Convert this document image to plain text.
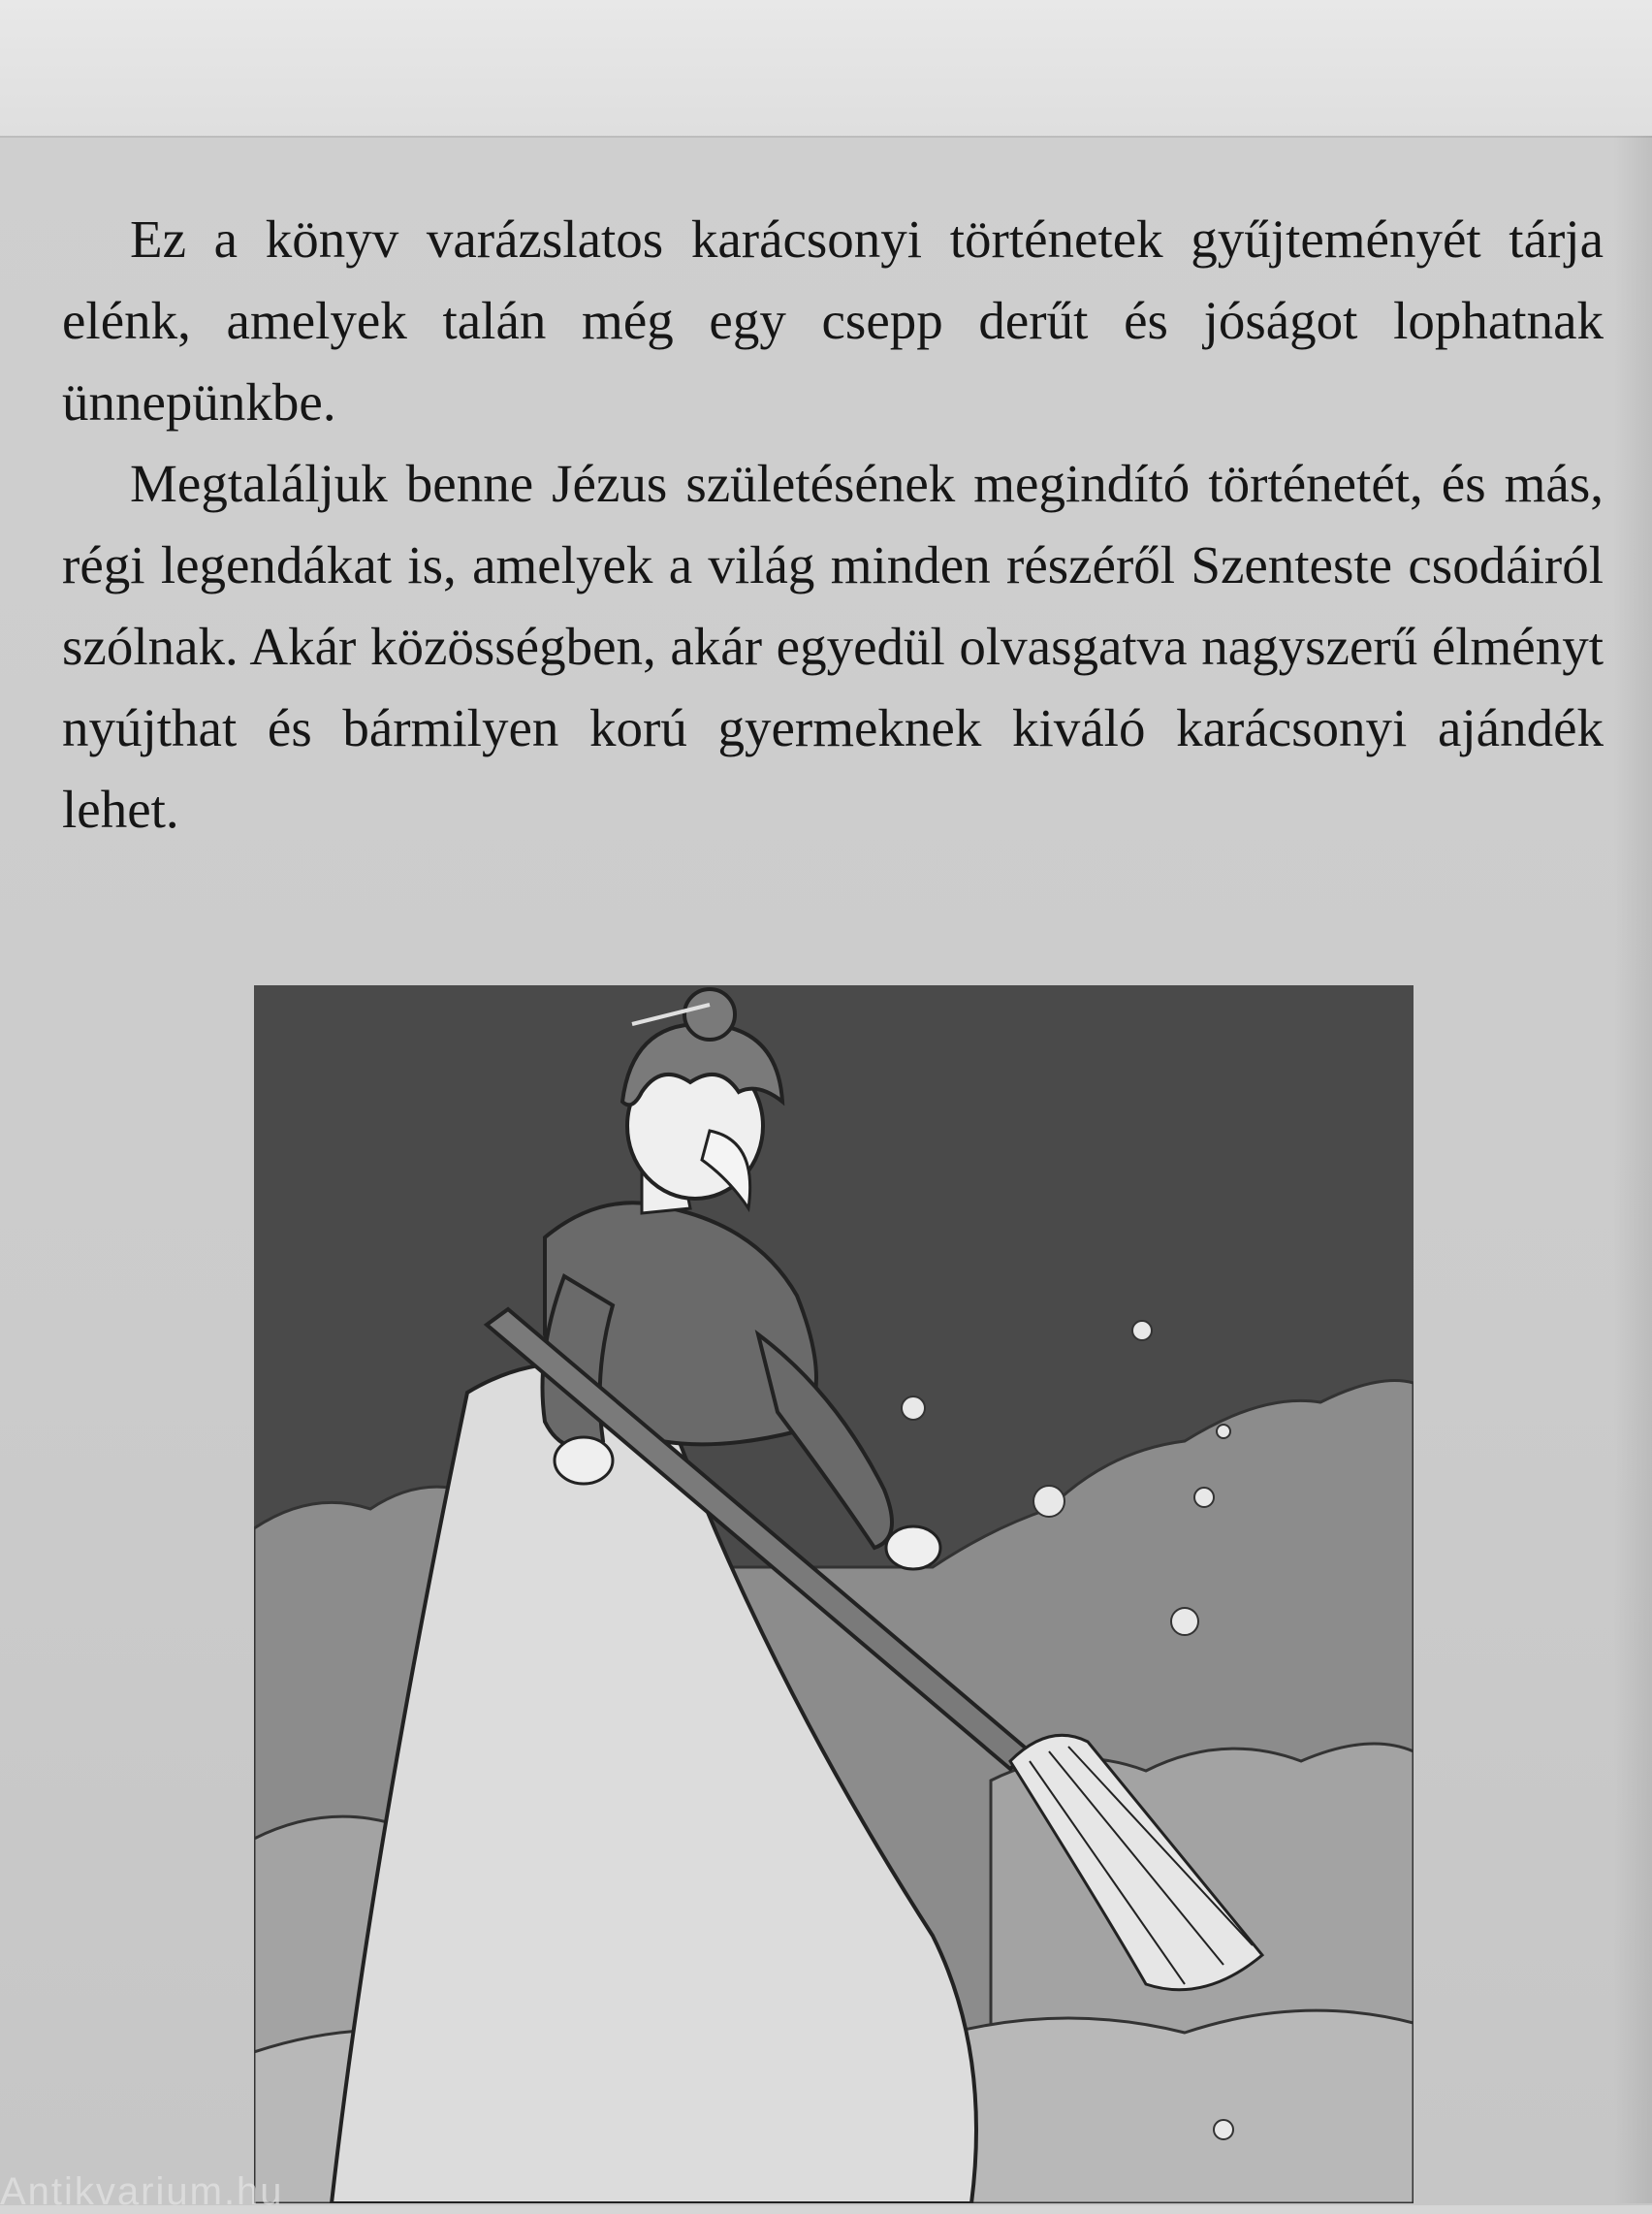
Ez a könyv varázslatos karácsonyi történetek gyűjteményét tárja elénk, amelyek talán még egy csepp derűt és jóságot lophatnak ünnepünkbe.

Megtaláljuk benne Jézus születésének megindító történetét, és más, régi legendákat is, amelyek a világ minden részéről Szenteste csodáiról szólnak. Akár közösségben, akár egyedül olvasgatva nagyszerű élményt nyújthat és bármilyen korú gyermeknek kiváló karácsonyi ajándék lehet.

Antikvarium.hu
